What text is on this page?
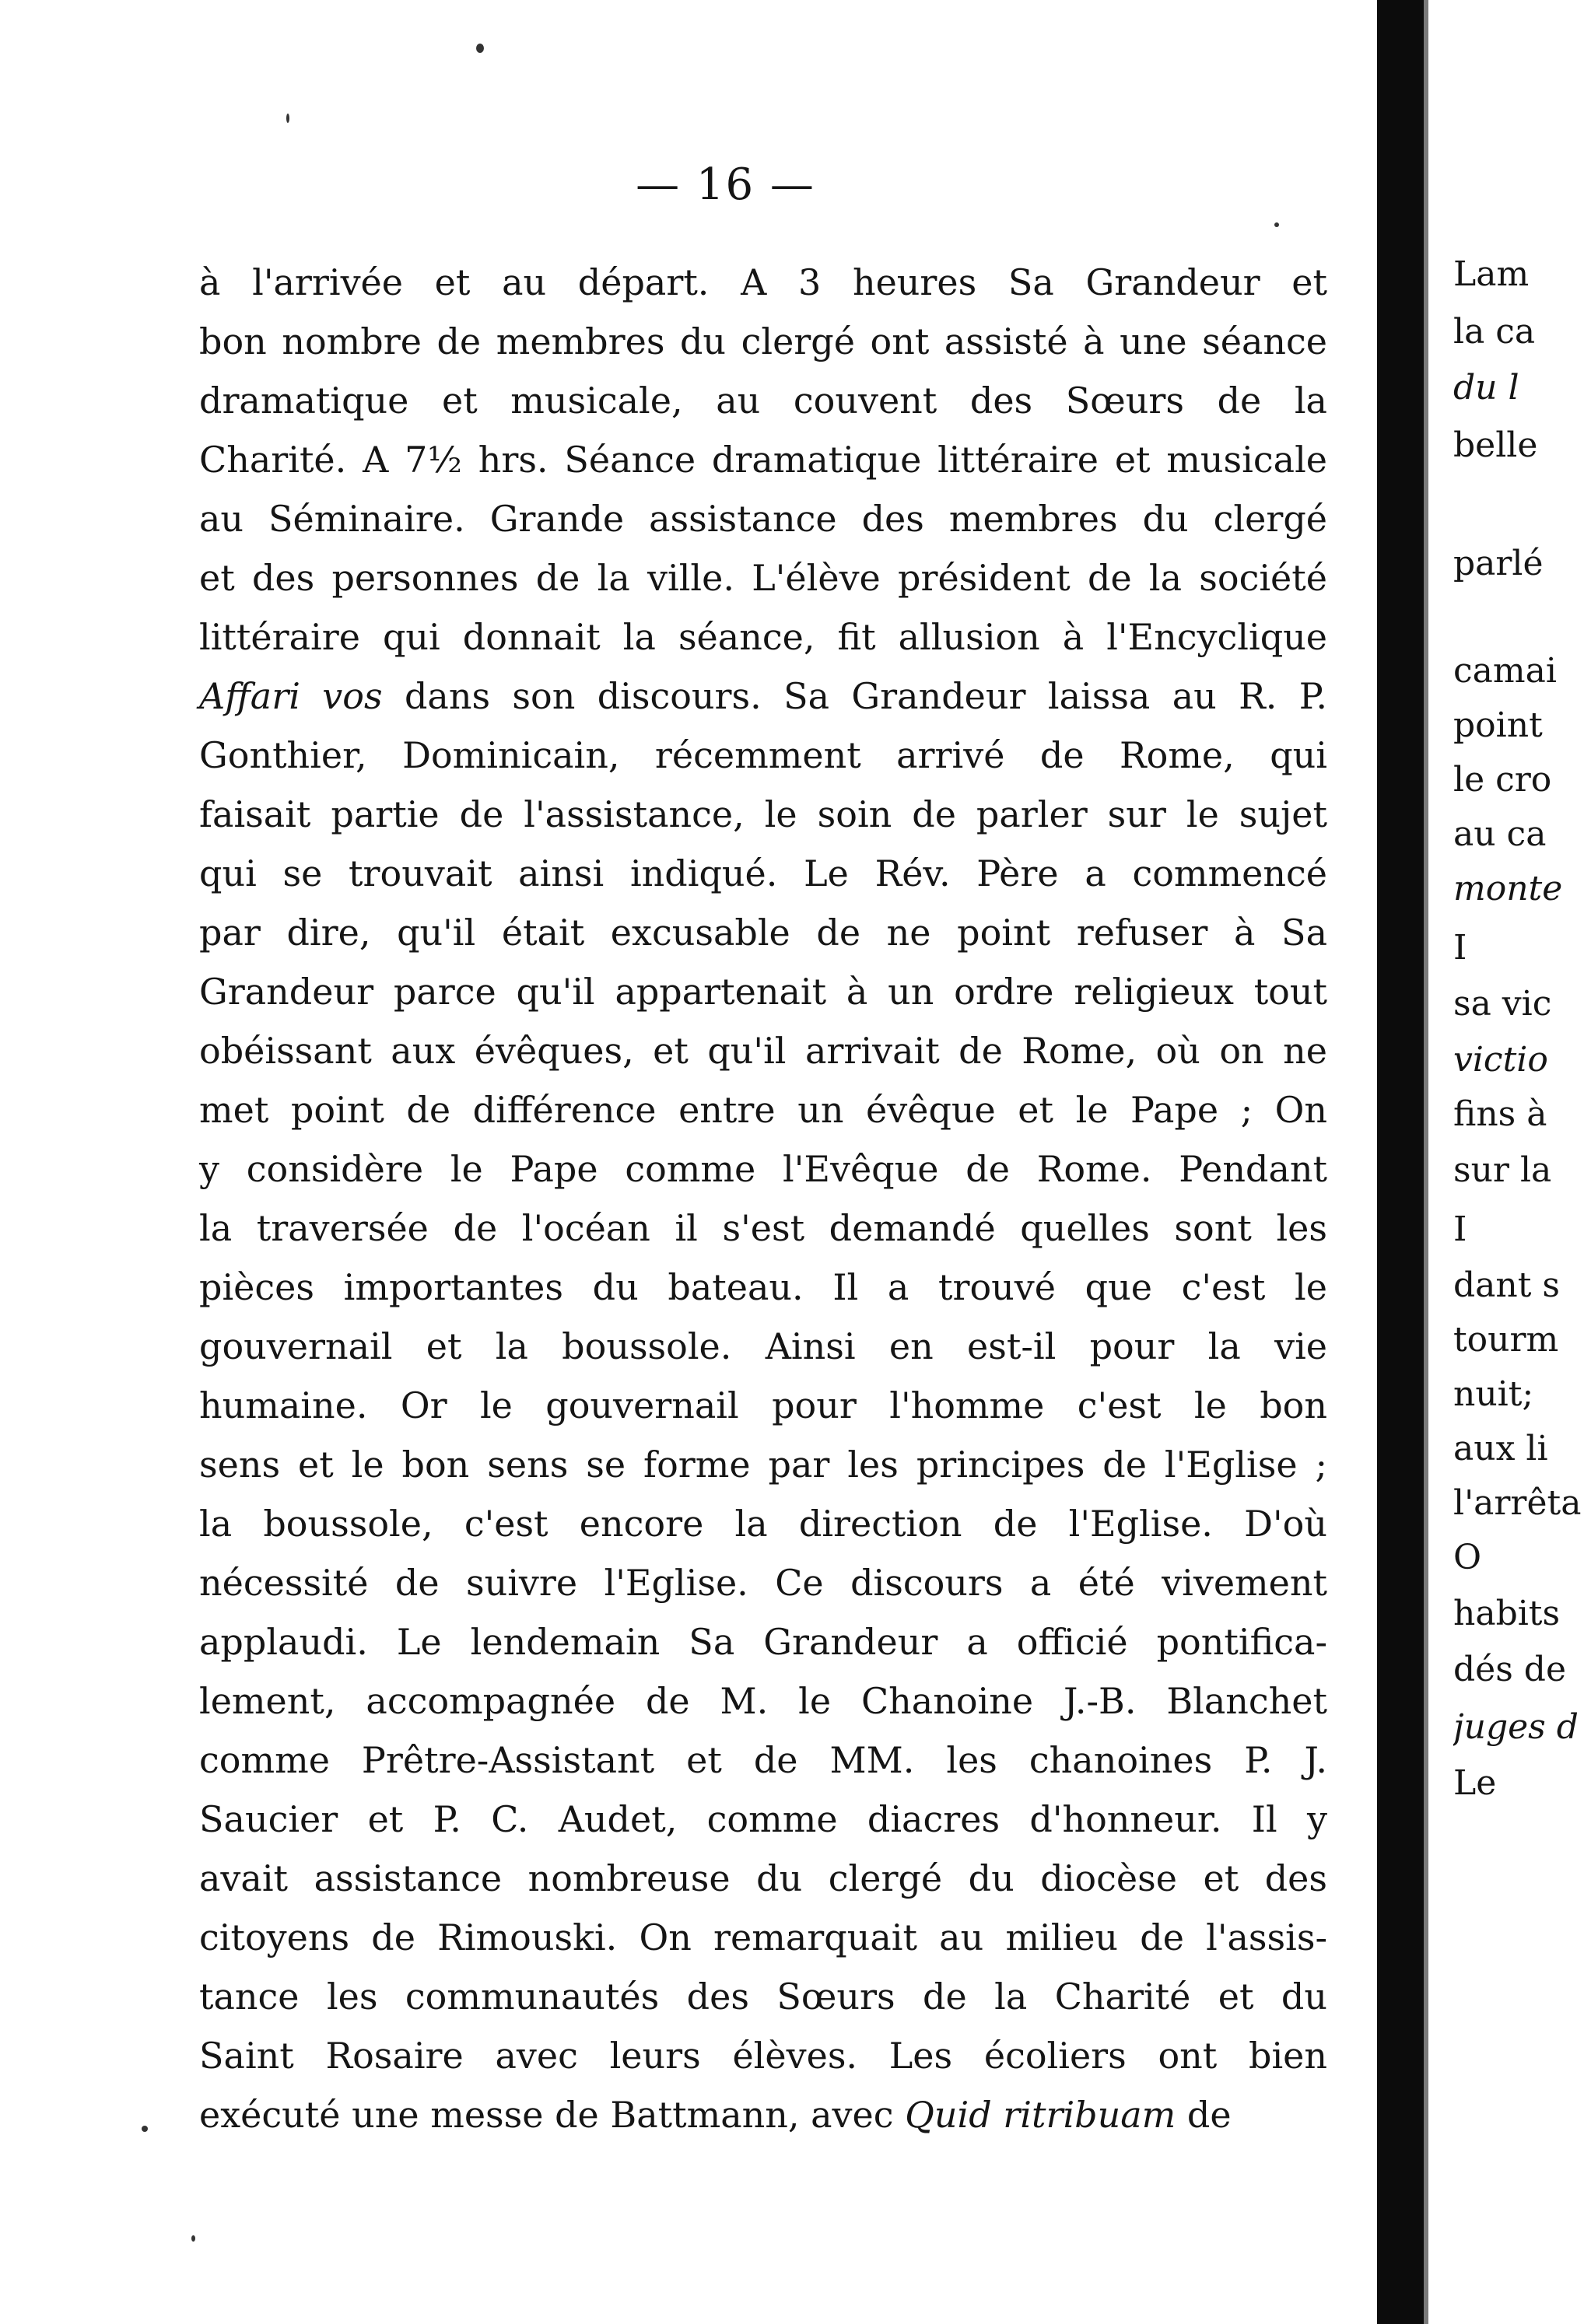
— 16 —
à l'arrivée et au départ. A 3 heures Sa Grandeur et
bon nombre de membres du clergé ont assisté à une séance
dramatique et musicale, au couvent des Sœurs de la
Charité. A 7½ hrs. Séance dramatique littéraire et musicale
au Séminaire. Grande assistance des membres du clergé
et des personnes de la ville. L'élève président de la société
littéraire qui donnait la séance, fit allusion à l'Encyclique
Affari vos dans son discours. Sa Grandeur laissa au R. P.
Gonthier, Dominicain, récemment arrivé de Rome, qui
faisait partie de l'assistance, le soin de parler sur le sujet
qui se trouvait ainsi indiqué. Le Rév. Père a commencé
par dire, qu'il était excusable de ne point refuser à Sa
Grandeur parce qu'il appartenait à un ordre religieux tout
obéissant aux évêques, et qu'il arrivait de Rome, où on ne
met point de différence entre un évêque et le Pape ; On
y considère le Pape comme l'Evêque de Rome. Pendant
la traversée de l'océan il s'est demandé quelles sont les
pièces importantes du bateau. Il a trouvé que c'est le
gouvernail et la boussole. Ainsi en est-il pour la vie
humaine. Or le gouvernail pour l'homme c'est le bon
sens et le bon sens se forme par les principes de l'Eglise ;
la boussole, c'est encore la direction de l'Eglise. D'où
nécessité de suivre l'Eglise. Ce discours a été vivement
applaudi. Le lendemain Sa Grandeur a officié pontifica-
lement, accompagnée de M. le Chanoine J.-B. Blanchet
comme Prêtre-Assistant et de MM. les chanoines P. J.
Saucier et P. C. Audet, comme diacres d'honneur. Il y
avait assistance nombreuse du clergé du diocèse et des
citoyens de Rimouski. On remarquait au milieu de l'assis-
tance les communautés des Sœurs de la Charité et du
Saint Rosaire avec leurs élèves. Les écoliers ont bien
exécuté une messe de Battmann, avec Quid ritribuam de
Lam
la ca
du l
belle
parlé
camai
point
le cro
au ca
monte
I
sa vic
victio
fins à
sur la
I
dant s
tourm
nuit;
aux li
l'arrêta
O
habits
dés de
juges d
Le
